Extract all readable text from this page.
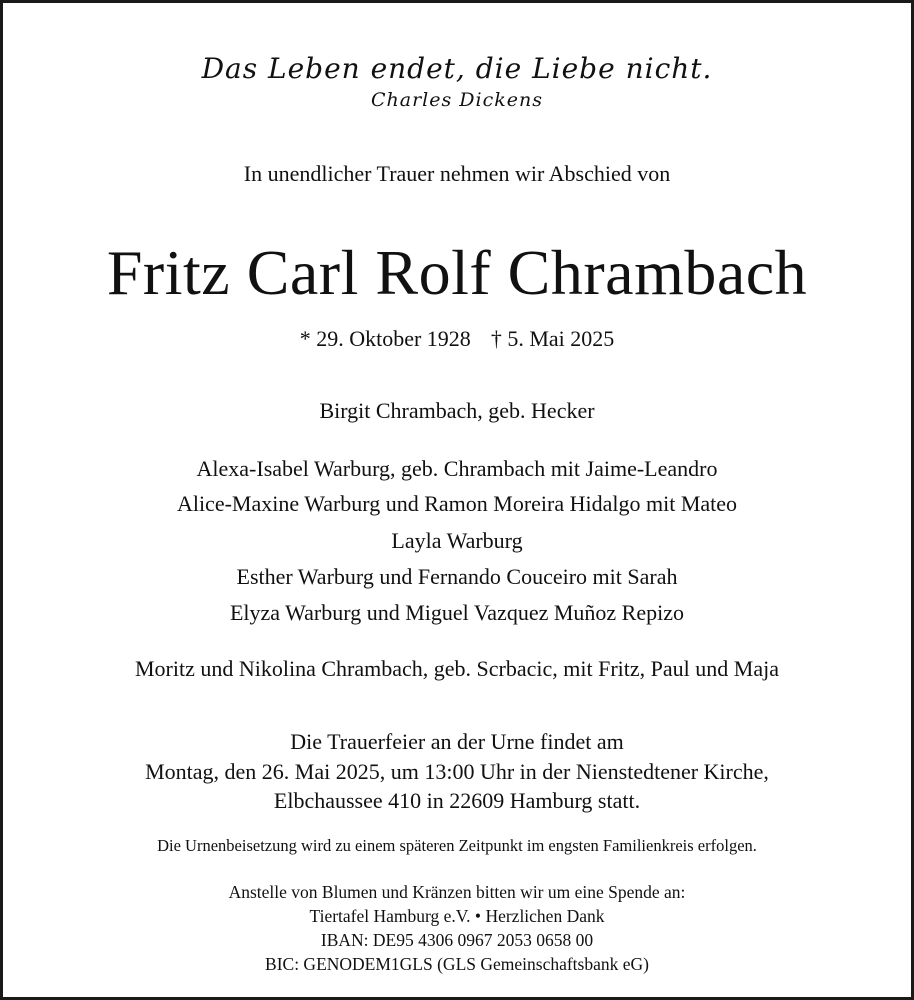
Das Leben endet, die Liebe nicht.
Charles Dickens
In unendlicher Trauer nehmen wir Abschied von
Fritz Carl Rolf Chrambach
* 29. Oktober 1928 † 5. Mai 2025
Birgit Chrambach, geb. Hecker
Alexa-Isabel Warburg, geb. Chrambach mit Jaime-Leandro
Alice-Maxine Warburg und Ramon Moreira Hidalgo mit Mateo
Layla Warburg
Esther Warburg und Fernando Couceiro mit Sarah
Elyza Warburg und Miguel Vazquez Muñoz Repizo
Moritz und Nikolina Chrambach, geb. Scrbacic, mit Fritz, Paul und Maja
Die Trauerfeier an der Urne findet am
Montag, den 26. Mai 2025, um 13:00 Uhr in der Nienstedtener Kirche,
Elbchaussee 410 in 22609 Hamburg statt.
Die Urnenbeisetzung wird zu einem späteren Zeitpunkt im engsten Familienkreis erfolgen.
Anstelle von Blumen und Kränzen bitten wir um eine Spende an:
Tiertafel Hamburg e.V. • Herzlichen Dank
IBAN: DE95 4306 0967 2053 0658 00
BIC: GENODEM1GLS (GLS Gemeinschaftsbank eG)
